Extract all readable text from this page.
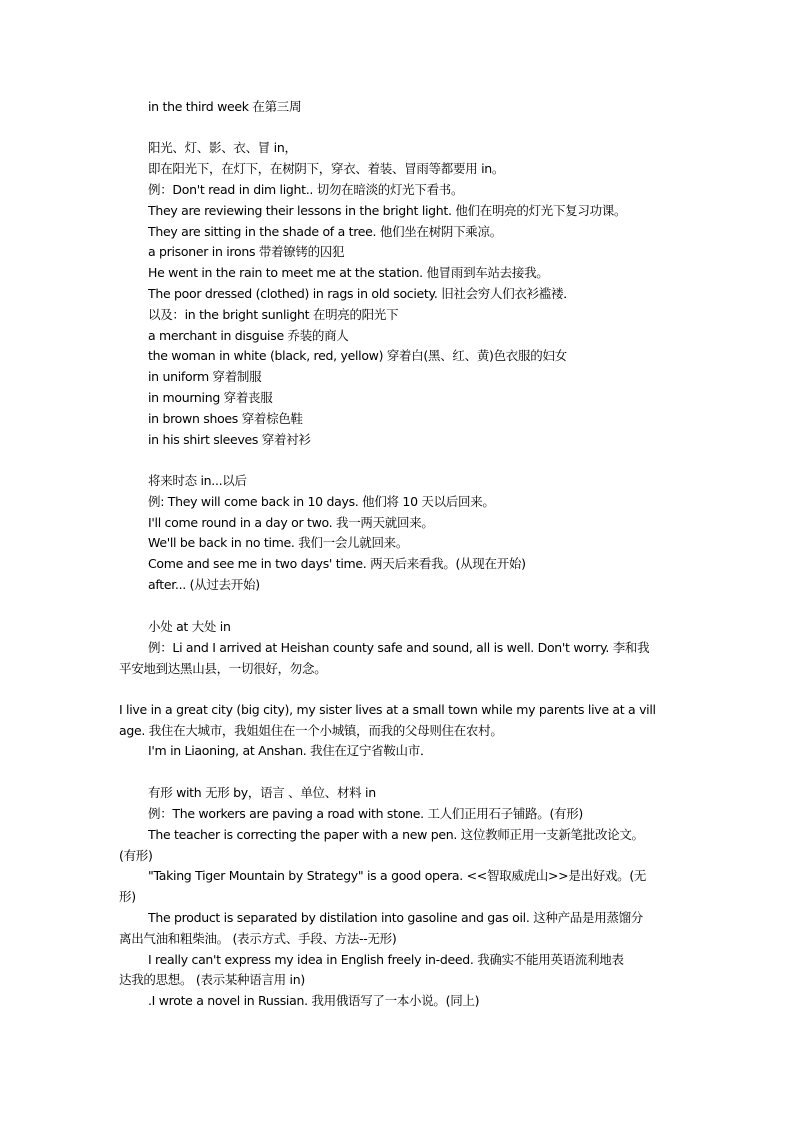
in the third week 在第三周
阳光、灯、影、衣、冒 in，
即在阳光下，在灯下，在树阴下，穿衣、着装、冒雨等都要用 in。
例：Don't read in dim light.. 切勿在暗淡的灯光下看书。
They are reviewing their lessons in the bright light. 他们在明亮的灯光下复习功课。
They are sitting in the shade of a tree. 他们坐在树阴下乘凉。
a prisoner in irons 带着镣铐的囚犯
He went in the rain to meet me at the station. 他冒雨到车站去接我。
The poor dressed (clothed) in rags in old society. 旧社会穷人们衣衫褴褛．
以及：in the bright sunlight 在明亮的阳光下
a merchant in disguise 乔装的商人
the woman in white (black, red, yellow) 穿着白(黑、红、黄)色衣服的妇女
in uniform 穿着制服
in mourning 穿着丧服
in brown shoes 穿着棕色鞋
in his shirt sleeves 穿着衬衫
将来时态 in...以后
例: They will come back in 10 days. 他们将 10 天以后回来。
I'll come round in a day or two. 我一两天就回来。
We'll be back in no time. 我们一会儿就回来。
Come and see me in two days' time. 两天后来看我。(从现在开始)
after... (从过去开始)
小处 at 大处 in
例：Li and I arrived at Heishan county safe and sound, all is well. Don't worry. 李和我
平安地到达黑山县，一切很好，勿念。
I live in a great city (big city), my sister lives at a small town while my parents live at a vill
age. 我住在大城市，我姐姐住在一个小城镇，而我的父母则住在农村。
I'm in Liaoning, at Anshan. 我住在辽宁省鞍山市．
有形 with 无形 by，语言 、单位、材料 in
例：The workers are paving a road with stone. 工人们正用石子铺路。(有形)
The teacher is correcting the paper with a new pen. 这位教师正用一支新笔批改论文。
(有形)
"Taking Tiger Mountain by Strategy" is a good opera. <<智取威虎山>>是出好戏。(无
形)
The product is separated by distilation into gasoline and gas oil. 这种产品是用蒸馏分
离出气油和粗柴油。 (表示方式、手段、方法--无形)
I really can't express my idea in English freely in-deed. 我确实不能用英语流利地表
达我的思想。 (表示某种语言用 in)
.I wrote a novel in Russian. 我用俄语写了一本小说。(同上)
